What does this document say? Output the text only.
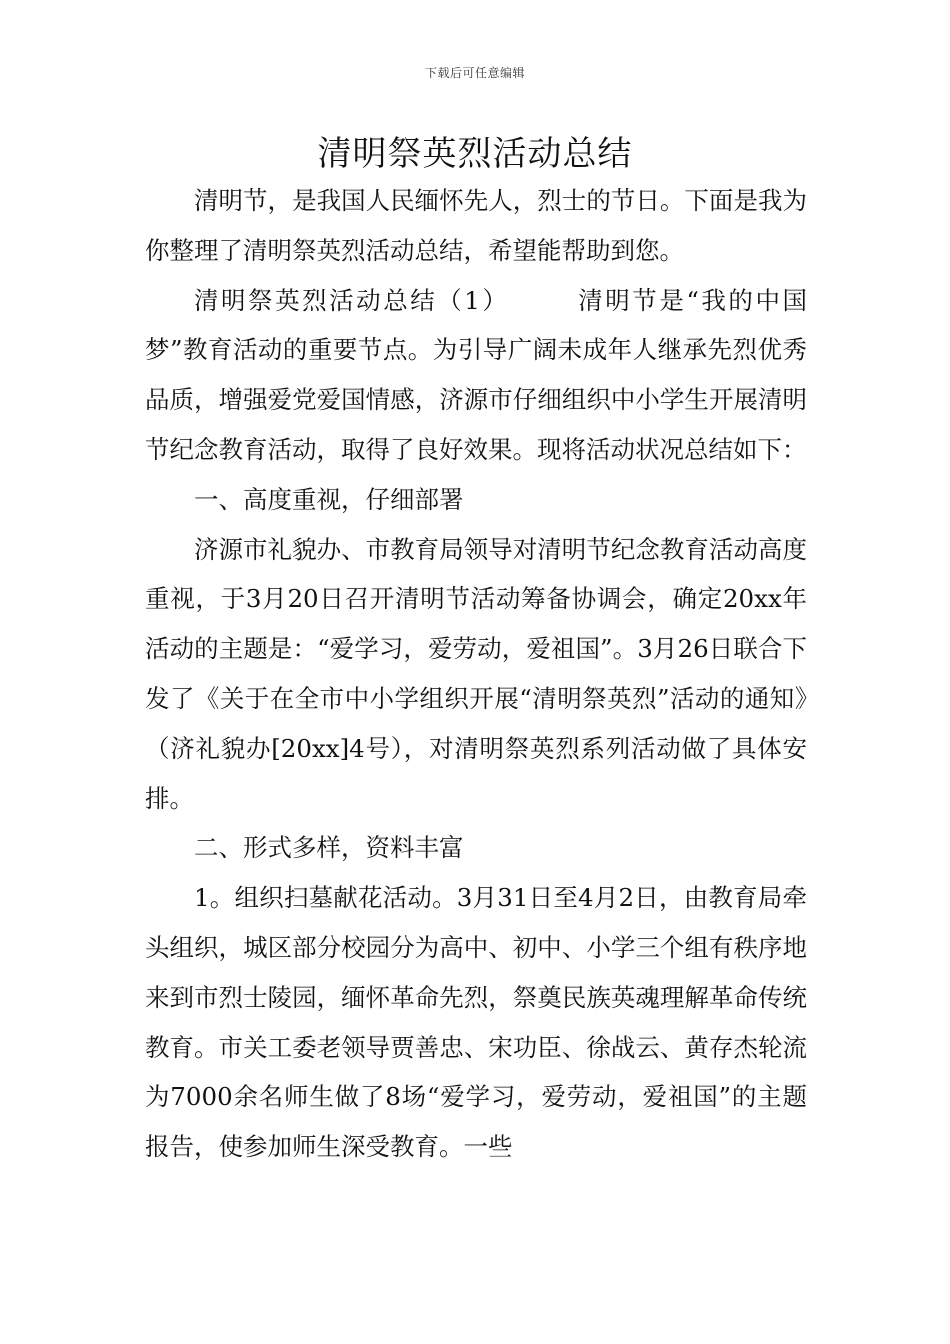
下载后可任意编辑
清明祭英烈活动总结

清明节，是我国人民缅怀先人，烈士的节日。下面是我为你整理了清明祭英烈活动总结，希望能帮助到您。

清明祭英烈活动总结（1）　　　清明节是“我的中国梦”教育活动的重要节点。为引导广阔未成年人继承先烈优秀品质，增强爱党爱国情感，济源市仔细组织中小学生开展清明节纪念教育活动，取得了良好效果。现将活动状况总结如下：

一、高度重视，仔细部署

济源市礼貌办、市教育局领导对清明节纪念教育活动高度重视，于3月20日召开清明节活动筹备协调会，确定20xx年活动的主题是：“爱学习，爱劳动，爱祖国”。3月26日联合下发了《关于在全市中小学组织开展“清明祭英烈”活动的通知》（济礼貌办[20xx]4号），对清明祭英烈系列活动做了具体安排。

二、形式多样，资料丰富

1。组织扫墓献花活动。3月31日至4月2日，由教育局牵头组织，城区部分校园分为高中、初中、小学三个组有秩序地来到市烈士陵园，缅怀革命先烈，祭奠民族英魂理解革命传统教育。市关工委老领导贾善忠、宋功臣、徐战云、黄存杰轮流为7000余名师生做了8场“爱学习，爱劳动，爱祖国”的主题报告，使参加师生深受教育。一些
